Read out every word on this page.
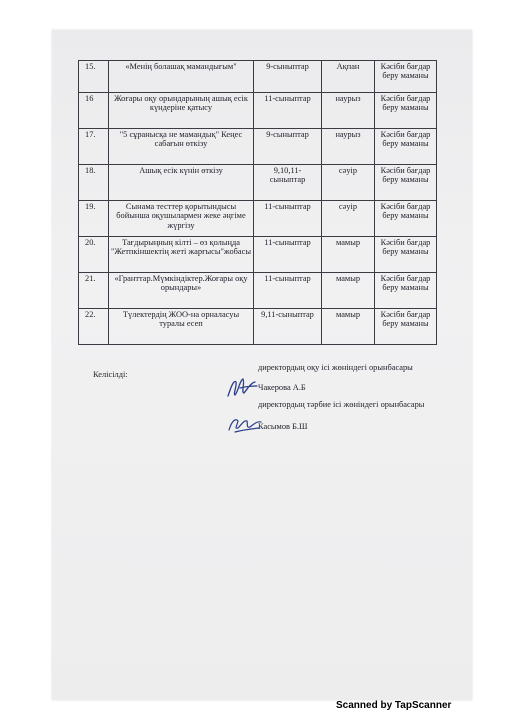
15.	«Менің болашақ мамандығым"	9-сыныптар	Ақпан	Кәсіби бағдар беру маманы
16	Жоғары оқу орындарының ашық есік күндеріне қатысу	11-сыныптар	наурыз	Кәсіби бағдар беру маманы
17.	"5 сұранысқа не мамандық" Кеңес сабағын өткізу	9-сыныптар	наурыз	Кәсіби бағдар беру маманы
18.	Ашық есік күнін өткізу	9,10,11-сыныптар	сәуір	Кәсіби бағдар беру маманы
19.	Сынама тесттер қорытындысы бойынша оқушылармен жеке әңгіме жүргізу	11-сыныптар	сәуір	Кәсіби бағдар беру маманы
20.	Тағдырыңның кілті – өз қолыңда "Жетпкіншектің жеті жарғысы"жобасы	11-сыныптар	мамыр	Кәсіби бағдар беру маманы
21.	«Гранттар.Мүмкіндіктер.Жоғары оқу орындары»	11-сыныптар	мамыр	Кәсіби бағдар беру маманы
22.	Түлектердің ЖОО-на орналасуы туралы есеп	9,11-сыныптар	мамыр	Кәсіби бағдар беру маманы
Келісілді:
директордың оқу ісі жөніндегі орынбасары
Чакерова А.Б
директордың тәрбие ісі жөніндегі орынбасары
Касымов Б.Ш
Scanned by TapScanner
